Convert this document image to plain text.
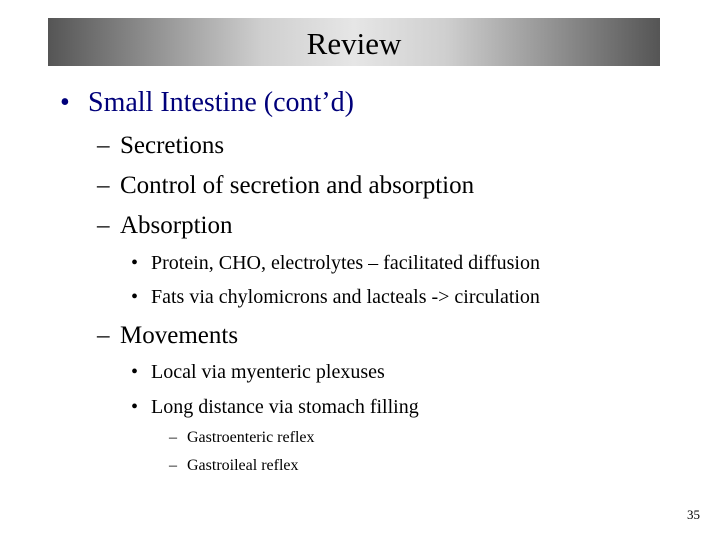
Review
• Small Intestine (cont’d)
– Secretions
– Control of secretion and absorption
– Absorption
• Protein, CHO, electrolytes – facilitated diffusion
• Fats via chylomicrons and lacteals -> circulation
– Movements
• Local via myenteric plexuses
• Long distance via stomach filling
– Gastroenteric reflex
– Gastroileal reflex
35
